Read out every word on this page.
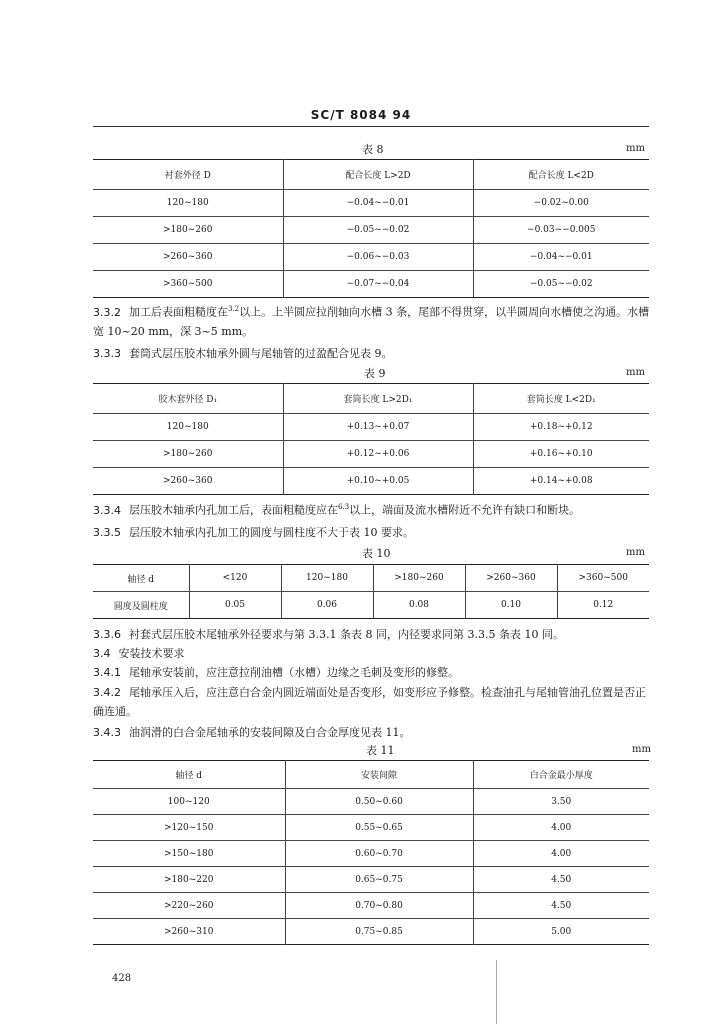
SC/T 8084 94
表 8	mm
衬套外径 D	配合长度 L>2D	配合长度 L<2D
120~180	−0.04~−0.01	−0.02~0.00
>180~260	−0.05~−0.02	−0.03~−0.005
>260~360	−0.06~−0.03	−0.04~−0.01
>360~500	−0.07~−0.04	−0.05~−0.02
3.3.2 加工后表面粗糙度在3.2以上。上半圆应拉削轴向水槽 3 条，尾部不得贯穿，以半圆周向水槽使之沟通。水槽宽 10~20 mm，深 3~5 mm。
3.3.3 套筒式层压胶木轴承外圆与尾轴管的过盈配合见表 9。
表 9	mm
胶木套外径 D₁	套筒长度 L>2D₁	套筒长度 L<2D₁
120~180	+0.13~+0.07	+0.18~+0.12
>180~260	+0.12~+0.06	+0.16~+0.10
>260~360	+0.10~+0.05	+0.14~+0.08
3.3.4 层压胶木轴承内孔加工后，表面粗糙度应在6.3以上，端面及流水槽附近不允许有缺口和断块。
3.3.5 层压胶木轴承内孔加工的圆度与圆柱度不大于表 10 要求。
表 10	mm
轴径 d	<120	120~180	>180~260	>260~360	>360~500
圆度及圆柱度	0.05	0.06	0.08	0.10	0.12
3.3.6 衬套式层压胶木尾轴承外径要求与第 3.3.1 条表 8 同，内径要求同第 3.3.5 条表 10 同。
3.4 安装技术要求
3.4.1 尾轴承安装前，应注意拉削油槽（水槽）边缘之毛刺及变形的修整。
3.4.2 尾轴承压入后，应注意白合金内圆近端面处是否变形，如变形应予修整。检查油孔与尾轴管油孔位置是否正确连通。
3.4.3 油润滑的白合金尾轴承的安装间隙及白合金厚度见表 11。
表 11	mm
轴径 d	安装间隙	白合金最小厚度
100~120	0.50~0.60	3.50
>120~150	0.55~0.65	4.00
>150~180	0.60~0.70	4.00
>180~220	0.65~0.75	4.50
>220~260	0.70~0.80	4.50
>260~310	0.75~0.85	5.00
428
